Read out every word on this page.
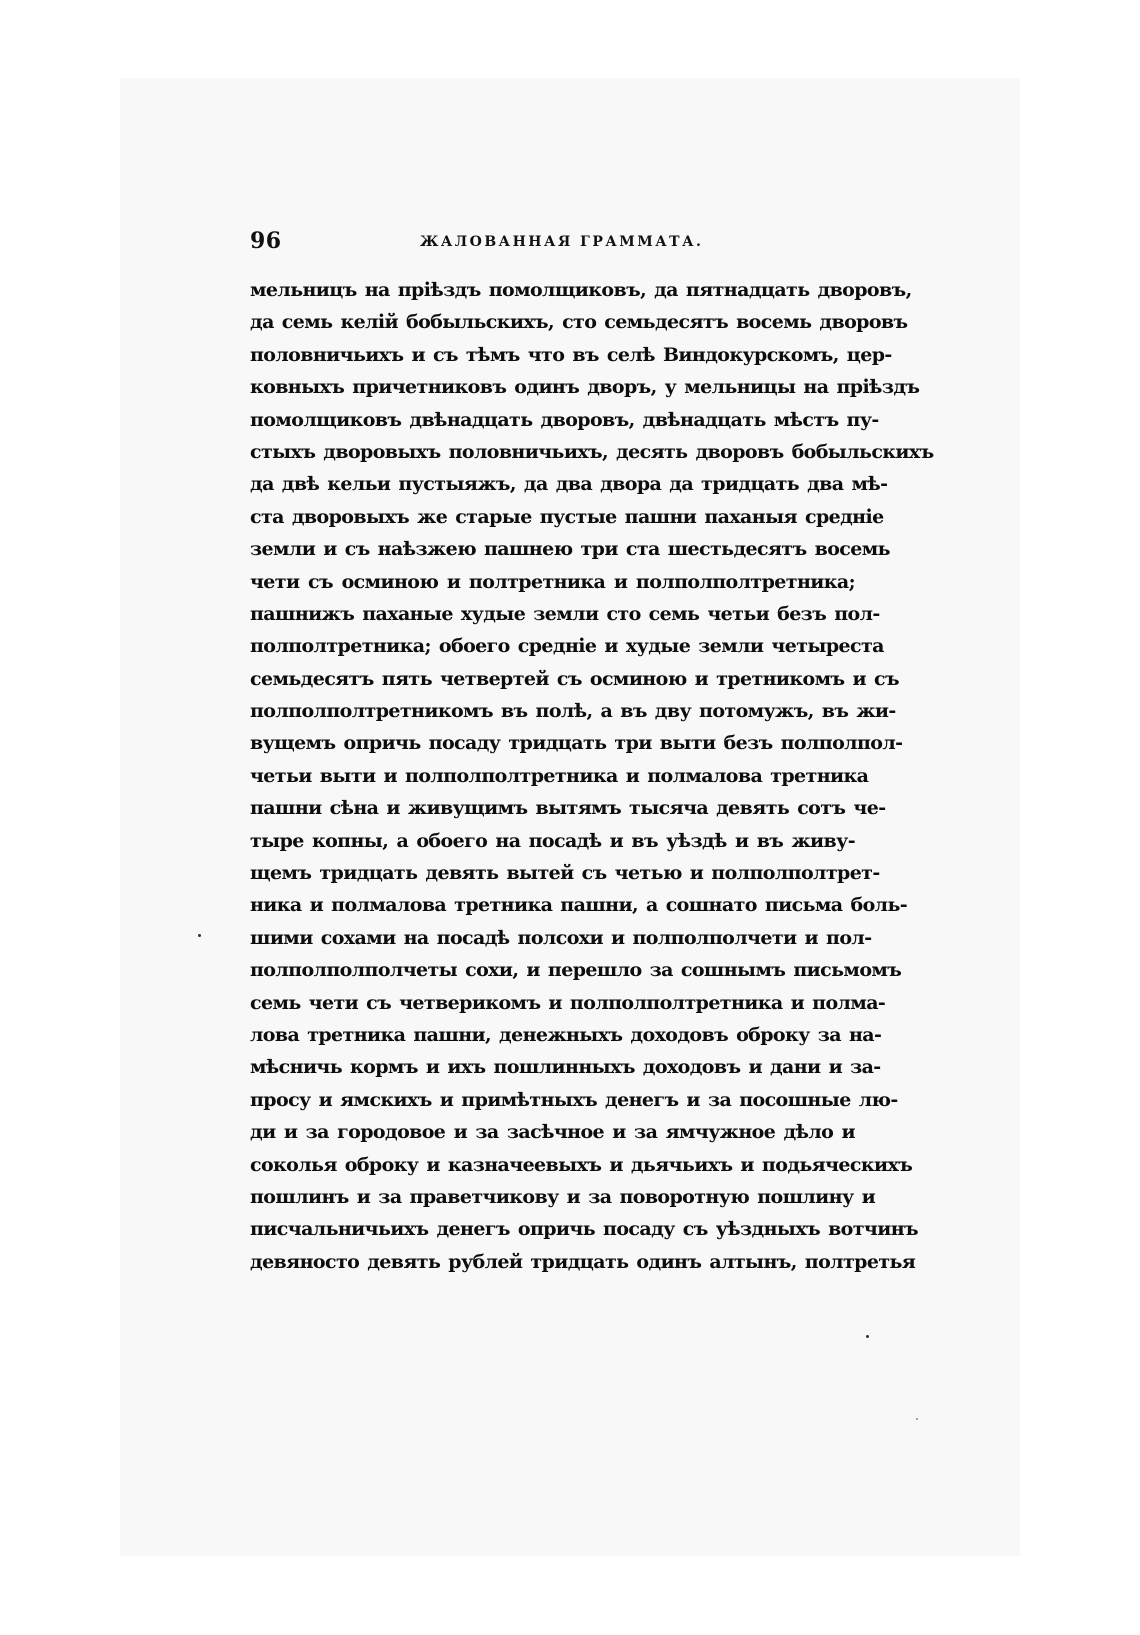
96	ЖАЛОВАННАЯ ГРАММАТА.
мельницъ на пріѣздъ помолщиковъ, да пятнадцать дворовъ,
да семь келій бобыльскихъ, сто семьдесятъ восемь дворовъ
половничьихъ и съ тѣмъ что въ селѣ Виндокурскомъ, цер-
ковныхъ причетниковъ одинъ дворъ, у мельницы на пріѣздъ
помолщиковъ двѣнадцать дворовъ, двѣнадцать мѣстъ пу-
стыхъ дворовыхъ половничьихъ, десять дворовъ бобыльскихъ
да двѣ кельи пустыяжъ, да два двора да тридцать два мѣ-
ста дворовыхъ же старые пустые пашни паханыя средніе
земли и съ наѣзжею пашнею три ста шестьдесятъ восемь
чети съ осминою и полтретника и полполполтретника;
пашнижъ паханые худые земли сто семь четьи безъ пол-
полполтретника; обоего средніе и худые земли четыреста
семьдесятъ пять четвертей съ осминою и третникомъ и съ
полполполтретникомъ въ полѣ, а въ дву потомужъ, въ жи-
вущемъ опричь посаду тридцать три выти безъ полполпол-
четьи выти и полполполтретника и полмалова третника
пашни сѣна и живущимъ вытямъ тысяча девять сотъ че-
тыре копны, а обоего на посадѣ и въ уѣздѣ и въ живу-
щемъ тридцать девять вытей съ четью и полполполтрет-
ника и полмалова третника пашни, а сошнато письма боль-
шими сохами на посадѣ полсохи и полполполчети и пол-
полполполполчеты сохи, и перешло за сошнымъ письмомъ
семь чети съ четверикомъ и полполполтретника и полма-
лова третника пашни, денежныхъ доходовъ оброку за на-
мѣсничь кормъ и ихъ пошлинныхъ доходовъ и дани и за-
просу и ямскихъ и примѣтныхъ денегъ и за посошные лю-
ди и за городовое и за засѣчное и за ямчужное дѣло и
соколья оброку и казначеевыхъ и дьячьихъ и подьяческихъ
пошлинъ и за праветчикову и за поворотную пошлину и
писчальничьихъ денегъ опричь посаду съ уѣздныхъ вотчинъ
девяносто девять рублей тридцать одинъ алтынъ, полтретья
